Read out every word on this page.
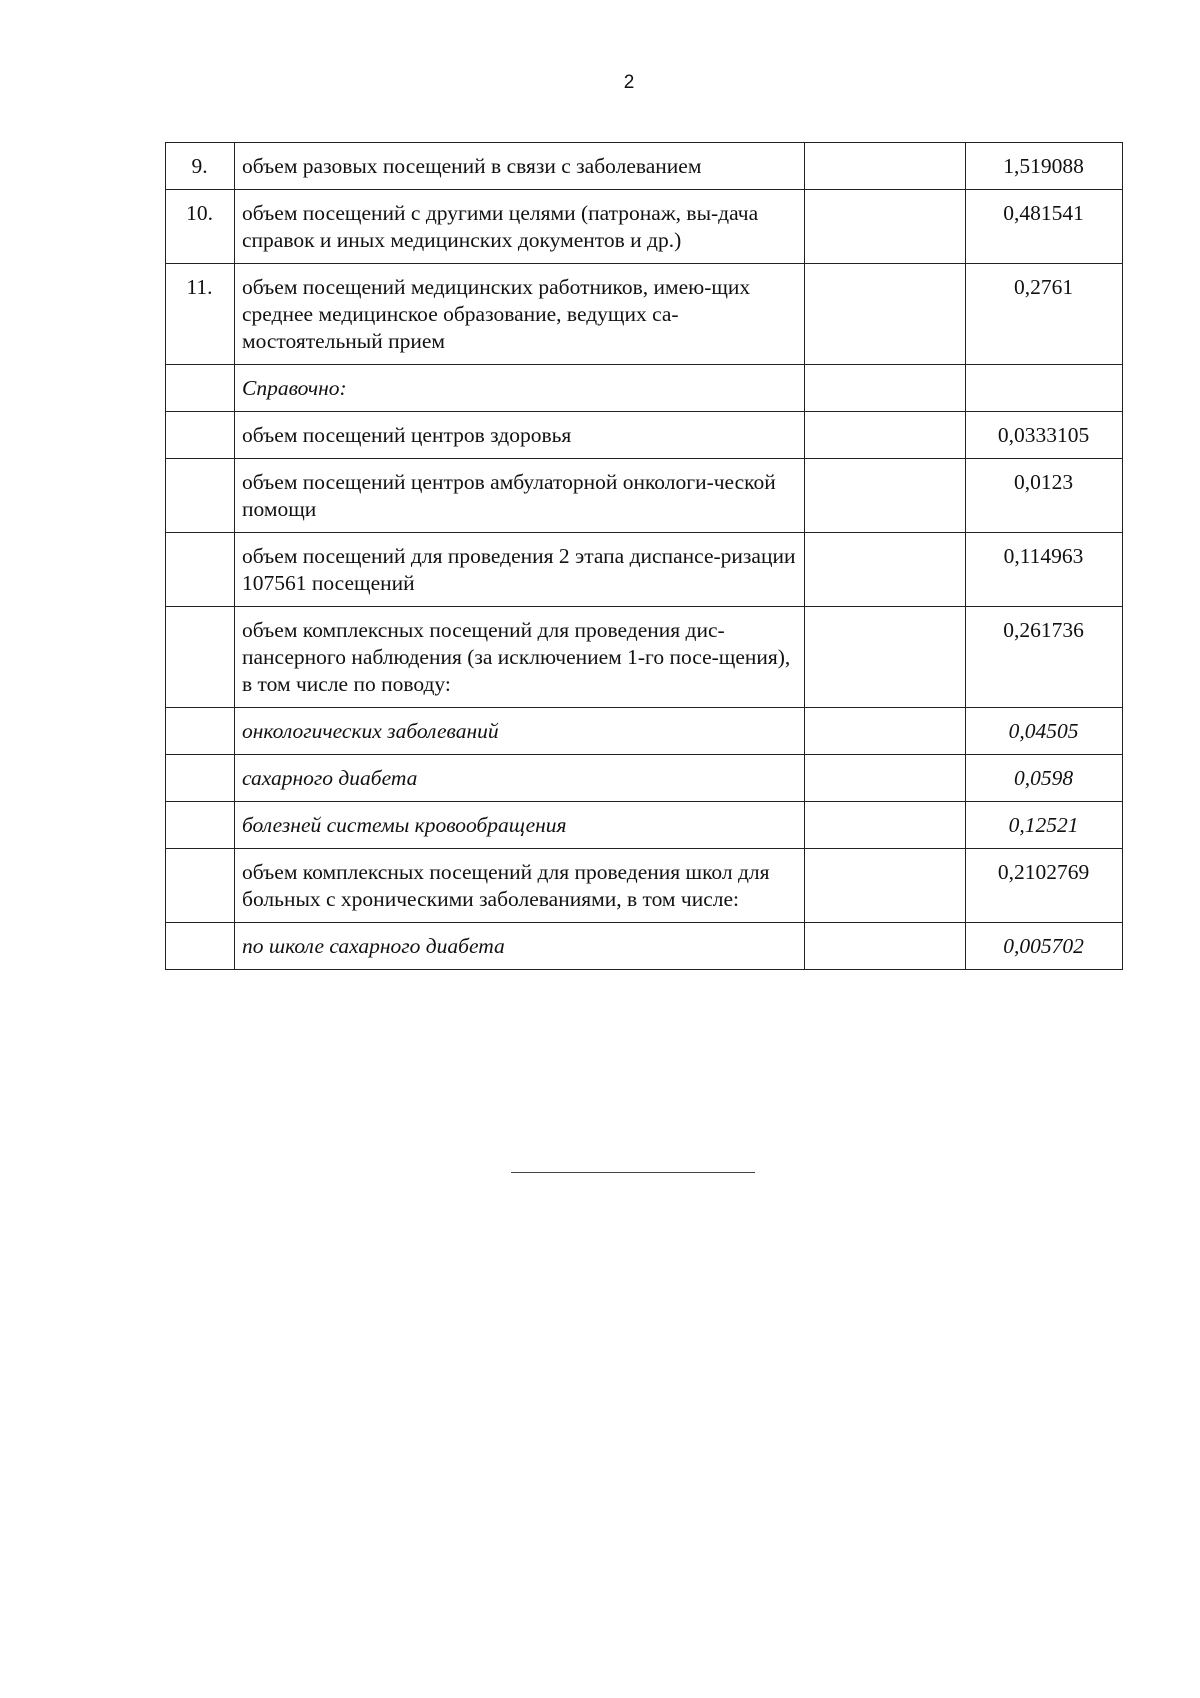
2
9.	объем разовых посещений в связи с заболеванием		1,519088
10.	объем посещений с другими целями (патронаж, вы-дача справок и иных медицинских документов и др.)		0,481541
11.	объем посещений медицинских работников, имею-щих среднее медицинское образование, ведущих са-мостоятельный прием		0,2761
	Справочно:		
	объем посещений центров здоровья		0,0333105
	объем посещений центров амбулаторной онкологи-ческой помощи		0,0123
	объем посещений для проведения 2 этапа диспансе-ризации 107561 посещений		0,114963
	объем комплексных посещений для проведения дис-пансерного наблюдения (за исключением 1-го посе-щения), в том числе по поводу:		0,261736
	онкологических заболеваний		0,04505
	сахарного диабета		0,0598
	болезней системы кровообращения		0,12521
	объем комплексных посещений для проведения школ для больных с хроническими заболеваниями, в том числе:		0,2102769
	по школе сахарного диабета		0,005702
